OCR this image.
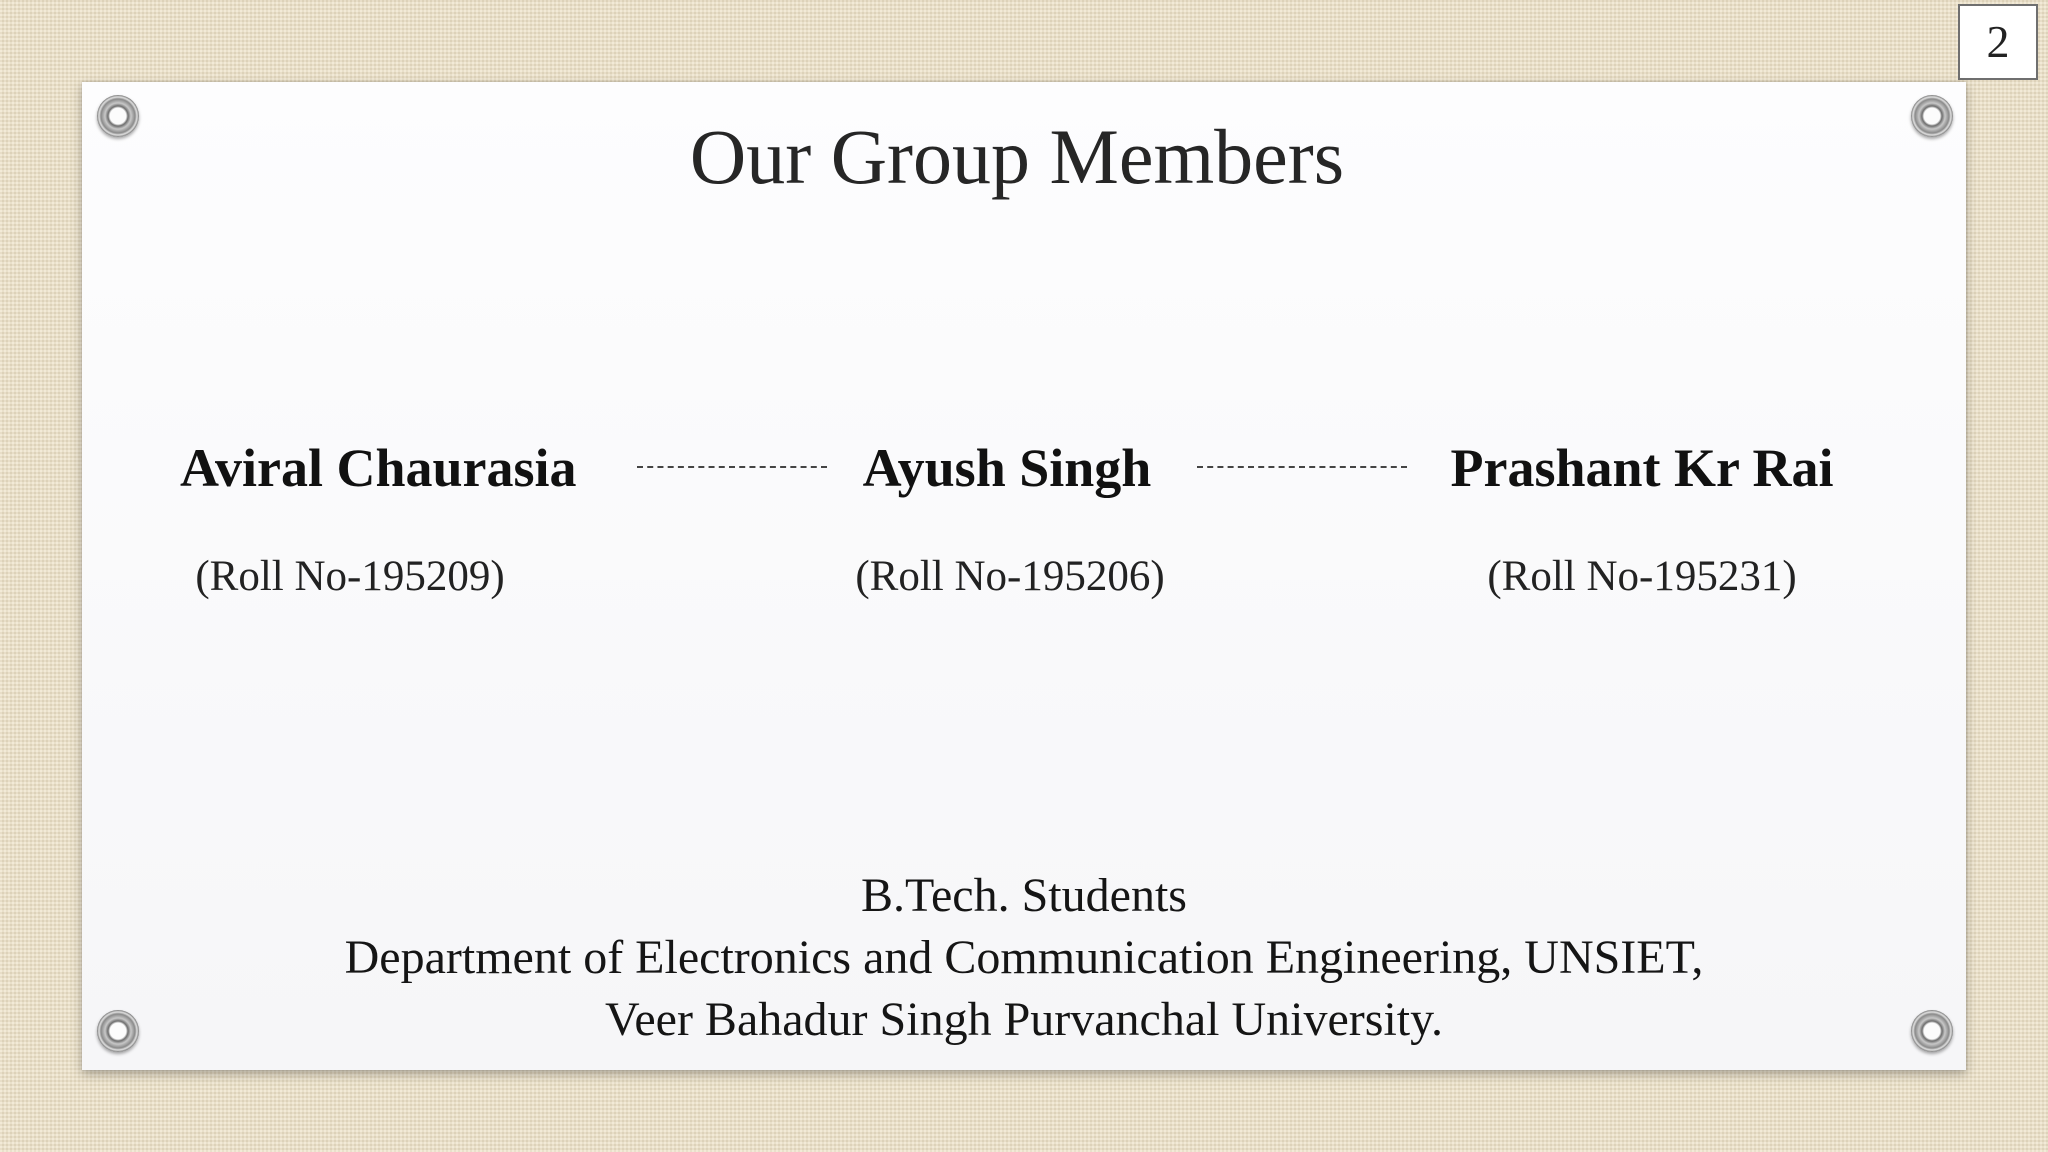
2
Our Group Members
Aviral Chaurasia	Ayush Singh	Prashant Kr Rai
(Roll No-195209)	(Roll No-195206)	(Roll No-195231)
B.Tech. Students
Department of Electronics and Communication Engineering, UNSIET,
Veer Bahadur Singh Purvanchal University.
